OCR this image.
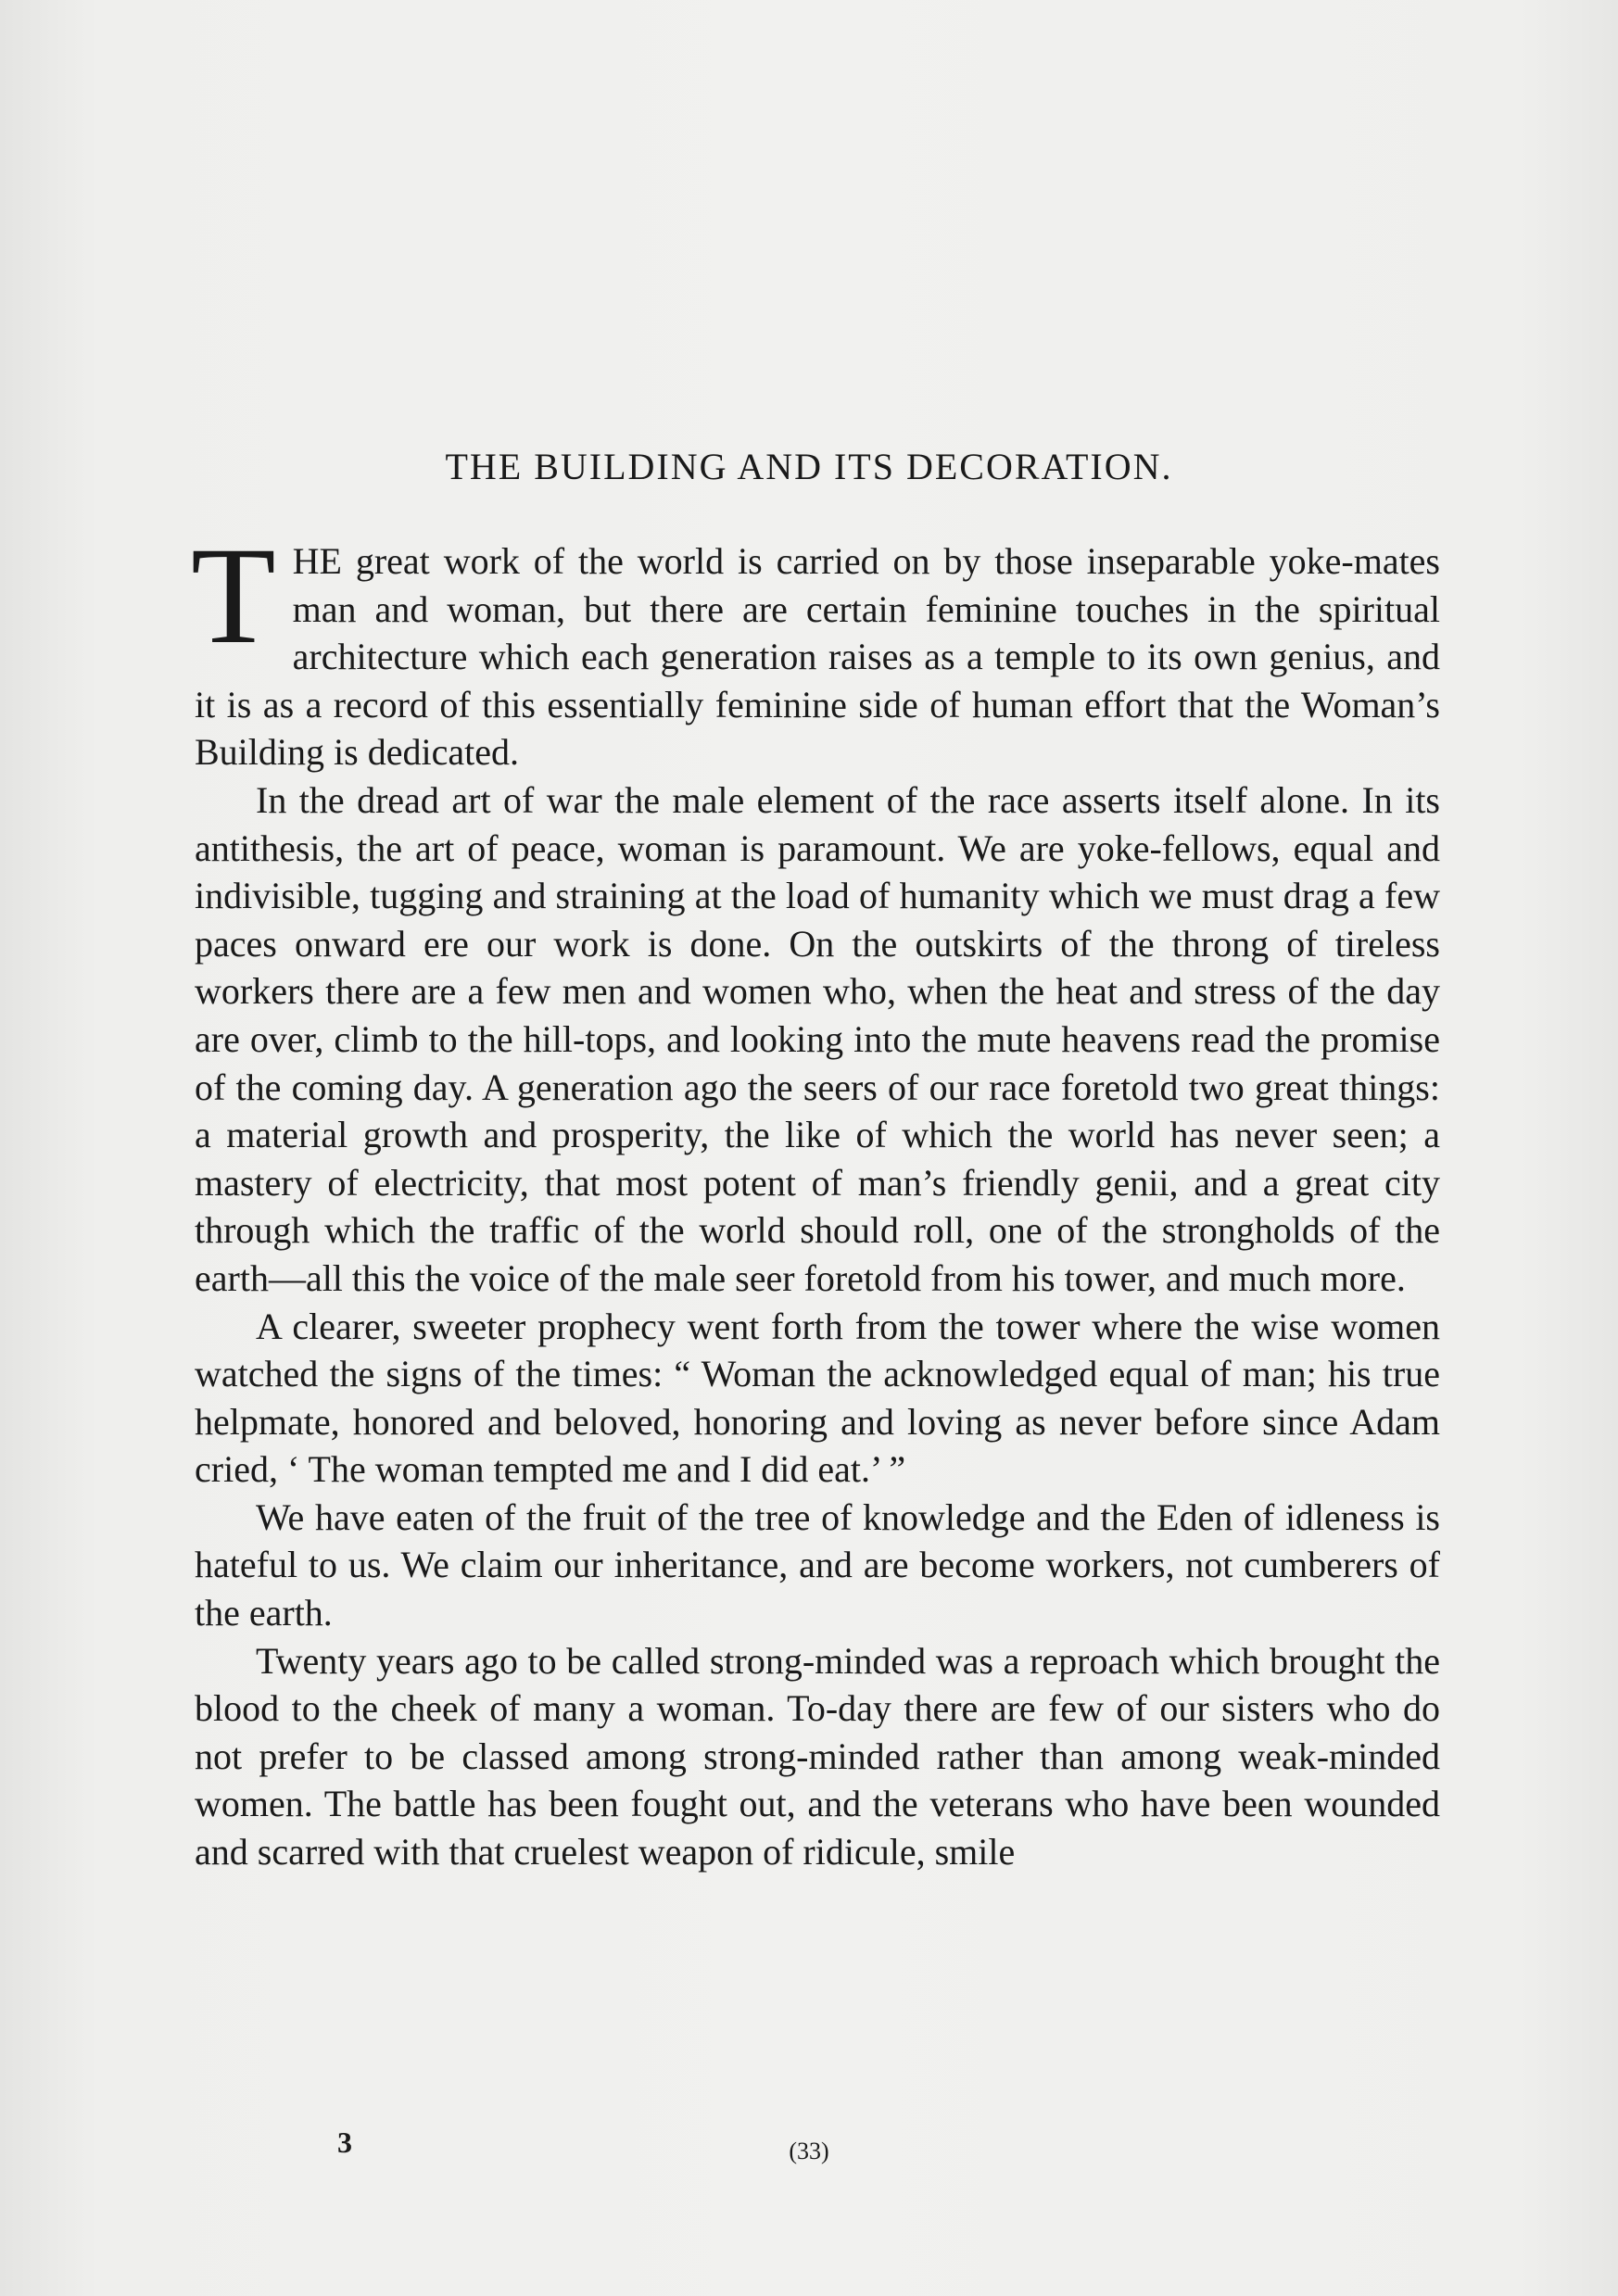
THE BUILDING AND ITS DECORATION.

THE great work of the world is carried on by those inseparable yoke-mates man and woman, but there are certain feminine touches in the spiritual architecture which each generation raises as a temple to its own genius, and it is as a record of this essentially feminine side of human effort that the Woman’s Building is dedicated.

In the dread art of war the male element of the race asserts itself alone. In its antithesis, the art of peace, woman is paramount. We are yoke-fellows, equal and indivisible, tugging and straining at the load of humanity which we must drag a few paces onward ere our work is done. On the outskirts of the throng of tireless workers there are a few men and women who, when the heat and stress of the day are over, climb to the hill-tops, and looking into the mute heavens read the promise of the coming day. A generation ago the seers of our race foretold two great things: a material growth and prosperity, the like of which the world has never seen; a mastery of electricity, that most potent of man’s friendly genii, and a great city through which the traffic of the world should roll, one of the strongholds of the earth—all this the voice of the male seer foretold from his tower, and much more.

A clearer, sweeter prophecy went forth from the tower where the wise women watched the signs of the times: “ Woman the acknowledged equal of man; his true helpmate, honored and beloved, honoring and loving as never before since Adam cried, ‘ The woman tempted me and I did eat.’ ”

We have eaten of the fruit of the tree of knowledge and the Eden of idleness is hateful to us. We claim our inheritance, and are become workers, not cumberers of the earth.

Twenty years ago to be called strong-minded was a reproach which brought the blood to the cheek of many a woman. To-day there are few of our sisters who do not prefer to be classed among strong-minded rather than among weak-minded women. The battle has been fought out, and the veterans who have been wounded and scarred with that cruelest weapon of ridicule, smile

3	(33)
